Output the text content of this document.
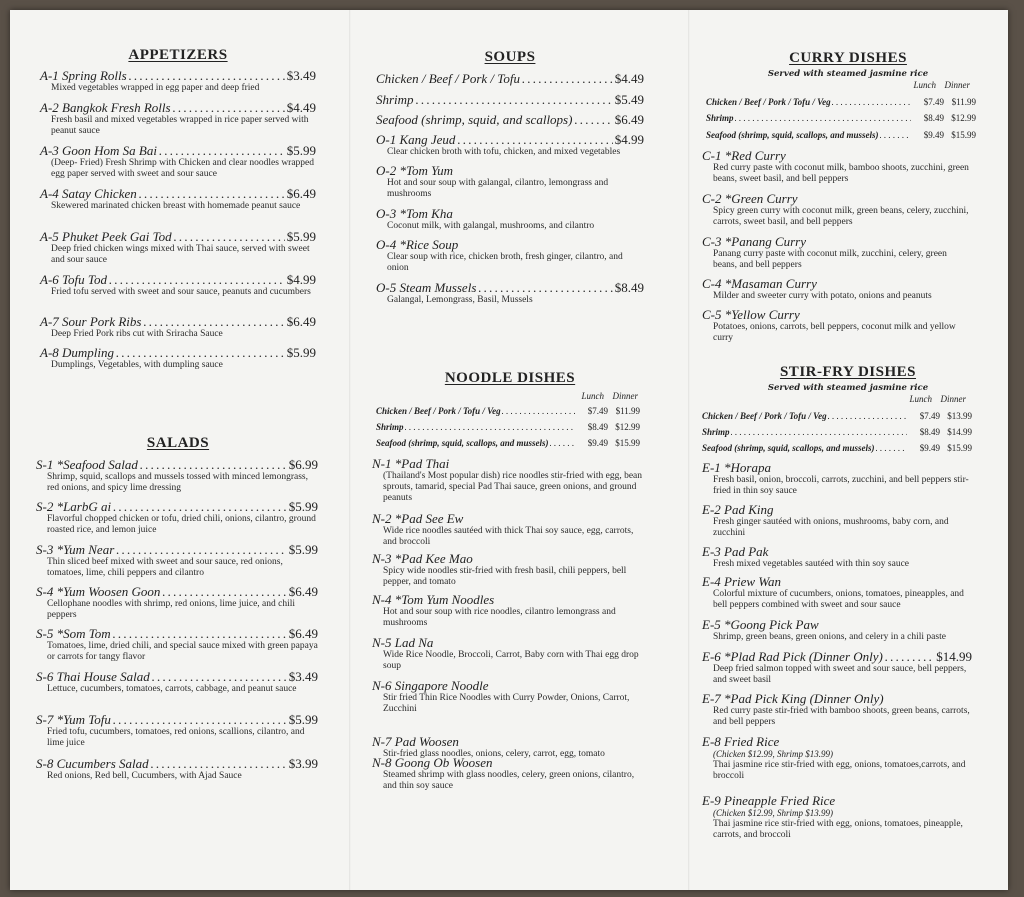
APPETIZERS
A-1 Spring Rolls . . .	$3.49
Mixed vegetables wrapped in egg paper and deep fried
A-2 Bangkok Fresh Rolls . . .	$4.49
Fresh basil and mixed vegetables wrapped in rice paper served with peanut sauce
A-3 Goon Hom Sa Bai . . .	$5.99
(Deep- Fried) Fresh Shrimp with Chicken and clear noodles wrapped egg paper served with sweet and sour sauce
A-4 Satay Chicken . . .	$6.49
Skewered marinated chicken breast with homemade peanut sauce
A-5 Phuket Peek Gai Tod . . .	$5.99
Deep fried chicken wings mixed with Thai sauce, served with sweet and sour sauce
A-6 Tofu Tod . . .	$4.99
Fried tofu served with sweet and sour sauce, peanuts and cucumbers
A-7 Sour Pork Ribs . . .	$6.49
Deep Fried Pork ribs cut with Sriracha Sauce
A-8 Dumpling . . .	$5.99
Dumplings, Vegetables, with dumpling sauce
SALADS
S-1 *Seafood Salad . . .	$6.99
Shrimp, squid, scallops and mussels tossed with minced lemongrass, red onions, and spicy lime dressing
S-2 *LarbG ai . . .	$5.99
Flavorful chopped chicken or tofu, dried chili, onions, cilantro, ground roasted rice, and lemon juice
S-3 *Yum Near . . .	$5.99
Thin sliced beef mixed with sweet and sour sauce, red onions, tomatoes, lime, chili peppers and cilantro
S-4 *Yum Woosen Goon . . .	$6.49
Cellophane noodles with shrimp, red onions, lime juice, and chili peppers
S-5 *Som Tom . . .	$6.49
Tomatoes, lime, dried chili, and special sauce mixed with green papaya or carrots for tangy flavor
S-6 Thai House Salad . . .	$3.49
Lettuce, cucumbers, tomatoes, carrots, cabbage, and peanut sauce
S-7 *Yum Tofu . . .	$5.99
Fried tofu, cucumbers, tomatoes, red onions, scallions, cilantro, and lime juice
S-8 Cucumbers Salad . . .	$3.99
Red onions, Red bell, Cucumbers, with Ajad Sauce
SOUPS
Chicken / Beef / Pork / Tofu . . .	$4.49
Shrimp . . .	$5.49
Seafood (shrimp, squid, and scallops) . . .	$6.49
O-1 Kang Jeud . . .	$4.99
Clear chicken broth with tofu, chicken, and mixed vegetables
O-2 *Tom Yum
Hot and sour soup with galangal, cilantro, lemongrass and mushrooms
O-3 *Tom Kha
Coconut milk, with galangal, mushrooms, and cilantro
O-4 *Rice Soup
Clear soup with rice, chicken broth, fresh ginger, cilantro, and onion
O-5 Steam Mussels . . .	$8.49
Galangal, Lemongrass, Basil, Mussels
NOODLE DISHES
Lunch Dinner
Chicken / Beef / Pork / Tofu / Veg . . .	$7.49 $11.99
Shrimp . . .	$8.49 $12.99
Seafood (shrimp, squid, scallops, and mussels) . . .	$9.49 $15.99
N-1 *Pad Thai
(Thailand's Most popular dish) rice noodles stir-fried with egg, bean sprouts, tamarid, special Pad Thai sauce, green onions, and ground peanuts
N-2 *Pad See Ew
Wide rice noodles sautéed with thick Thai soy sauce, egg, carrots, and broccoli
N-3 *Pad Kee Mao
Spicy wide noodles stir-fried with fresh basil, chili peppers, bell pepper, and tomato
N-4 *Tom Yum Noodles
Hot and sour soup with rice noodles, cilantro lemongrass and mushrooms
N-5 Lad Na
Wide Rice Noodle, Broccoli, Carrot, Baby corn with Thai egg drop soup
N-6 Singapore Noodle
Stir fried Thin Rice Noodles with Curry Powder, Onions, Carrot, Zucchini
N-7 Pad Woosen
Stir-fried glass noodles, onions, celery, carrot, egg, tomato
N-8 Goong Ob Woosen
Steamed shrimp with glass noodles, celery, green onions, cilantro, and thin soy sauce
CURRY DISHES
Served with steamed jasmine rice
Lunch Dinner
Chicken / Beef / Pork / Tofu / Veg . . .	$7.49 $11.99
Shrimp . . .	$8.49 $12.99
Seafood (shrimp, squid, scallops, and mussels) . . .	$9.49 $15.99
C-1 *Red Curry
Red curry paste with coconut milk, bamboo shoots, zucchini, green beans, sweet basil, and bell peppers
C-2 *Green Curry
Spicy green curry with coconut milk, green beans, celery, zucchini, carrots, sweet basil, and bell peppers
C-3 *Panang Curry
Panang curry paste with coconut milk, zucchini, celery, green beans, and bell peppers
C-4 *Masaman Curry
Milder and sweeter curry with potato, onions and peanuts
C-5 *Yellow Curry
Potatoes, onions, carrots, bell peppers, coconut milk and yellow curry
STIR-FRY DISHES
Served with steamed jasmine rice
Lunch Dinner
Chicken / Beef / Pork / Tofu / Veg . . .	$7.49 $13.99
Shrimp . . .	$8.49 $14.99
Seafood (shrimp, squid, scallops, and mussels) . . .	$9.49 $15.99
E-1 *Horapa
Fresh basil, onion, broccoli, carrots, zucchini, and bell peppers stir-fried in thin soy sauce
E-2 Pad King
Fresh ginger sautéed with onions, mushrooms, baby corn, and zucchini
E-3 Pad Pak
Fresh mixed vegetables sautéed with thin soy sauce
E-4 Priew Wan
Colorful mixture of cucumbers, onions, tomatoes, pineapples, and bell peppers combined with sweet and sour sauce
E-5 *Goong Pick Paw
Shrimp, green beans, green onions, and celery in a chili paste
E-6 *Plad Rad Pick (Dinner Only) . . .	$14.99
Deep fried salmon topped with sweet and sour sauce, bell peppers, and sweet basil
E-7 *Pad Pick King (Dinner Only)
Red curry paste stir-fried with bamboo shoots, green beans, carrots, and bell peppers
E-8 Fried Rice
(Chicken $12.99, Shrimp $13.99)
Thai jasmine rice stir-fried with egg, onions, tomatoes,carrots, and broccoli
E-9 Pineapple Fried Rice
(Chicken $12.99, Shrimp $13.99)
Thai jasmine rice stir-fried with egg, onions, tomatoes, pineapple, carrots, and broccoli
